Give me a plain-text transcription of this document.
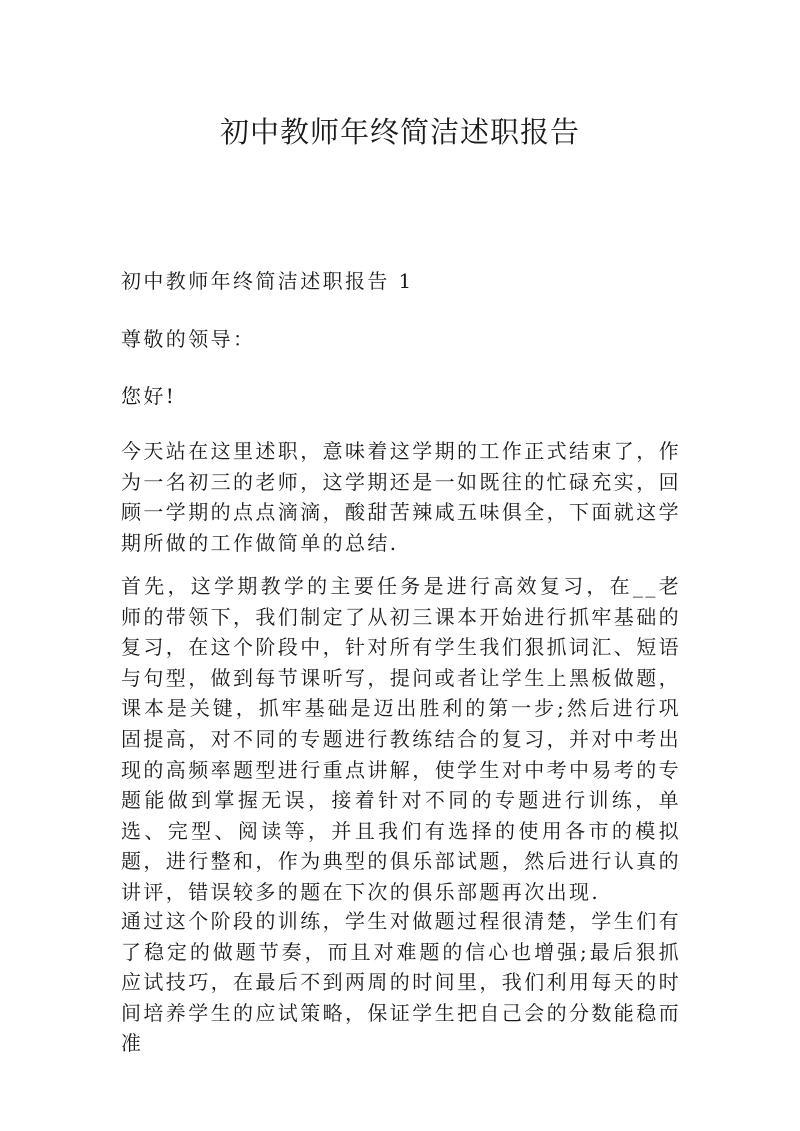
初中教师年终简洁述职报告

初中教师年终简洁述职报告 1

尊敬的领导：

您好!

今天站在这里述职，意味着这学期的工作正式结束了，作为一名初三的老师，这学期还是一如既往的忙碌充实，回顾一学期的点点滴滴，酸甜苦辣咸五味俱全，下面就这学期所做的工作做简单的总结.

首先，这学期教学的主要任务是进行高效复习，在__老师的带领下，我们制定了从初三课本开始进行抓牢基础的复习，在这个阶段中，针对所有学生我们狠抓词汇、短语与句型，做到每节课听写，提问或者让学生上黑板做题，课本是关键，抓牢基础是迈出胜利的第一步;然后进行巩固提高，对不同的专题进行教练结合的复习，并对中考出现的高频率题型进行重点讲解，使学生对中考中易考的专题能做到掌握无误，接着针对不同的专题进行训练，单选、完型、阅读等，并且我们有选择的使用各市的模拟题，进行整和，作为典型的俱乐部试题，然后进行认真的讲评，错误较多的题在下次的俱乐部题再次出现.

通过这个阶段的训练，学生对做题过程很清楚，学生们有了稳定的做题节奏，而且对难题的信心也增强;最后狠抓应试技巧，在最后不到两周的时间里，我们利用每天的时间培养学生的应试策略，保证学生把自己会的分数能稳而准
